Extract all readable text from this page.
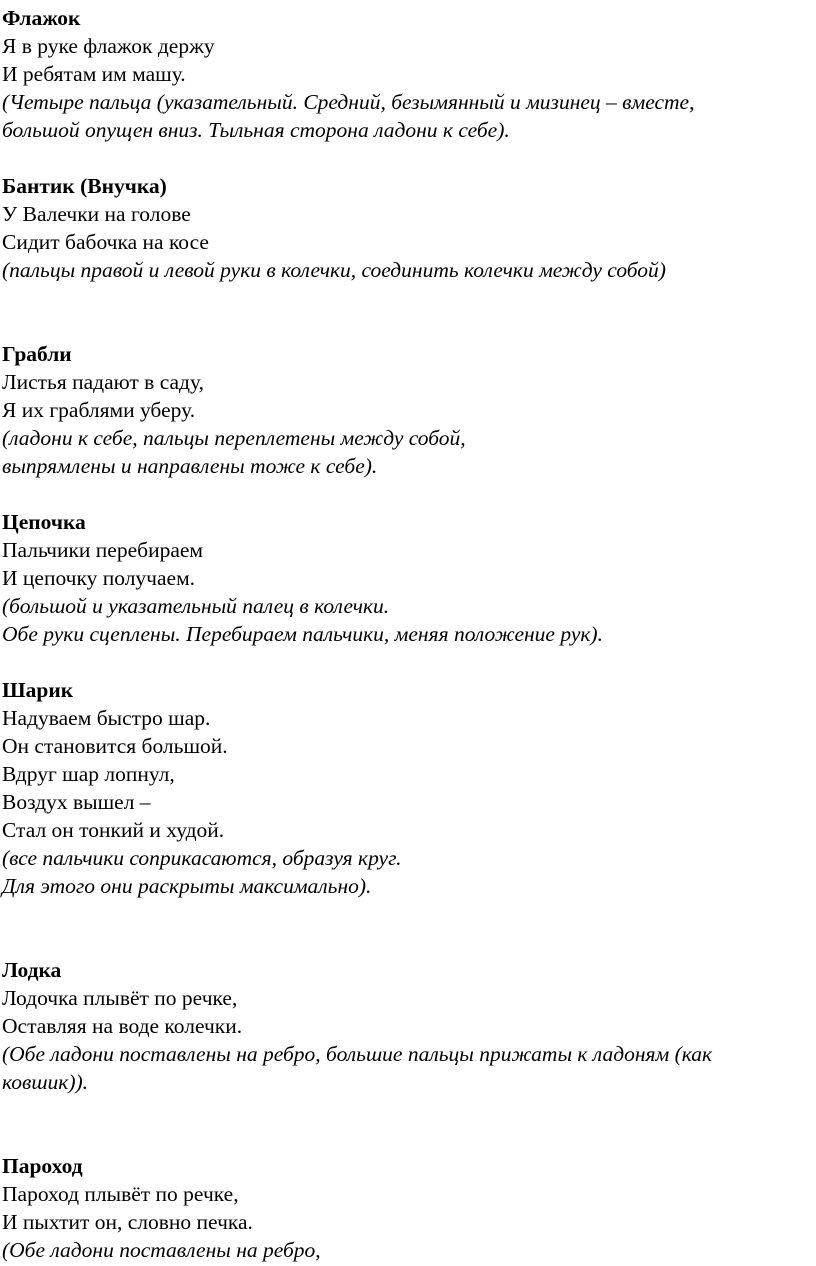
Флажок
Я в руке флажок держу
И ребятам им машу.
(Четыре пальца (указательный. Средний, безымянный и мизинец – вместе,
большой опущен вниз. Тыльная сторона ладони к себе).
Бантик (Внучка)
У Валечки на голове
Сидит бабочка на косе
(пальцы правой и левой руки в колечки, соединить колечки между собой)
Грабли
Листья падают в саду,
Я их граблями уберу.
(ладони к себе, пальцы переплетены между собой,
выпрямлены и направлены тоже к себе).
Цепочка
Пальчики перебираем
И цепочку получаем.
(большой и указательный палец в колечки.
Обе руки сцеплены. Перебираем пальчики, меняя положение рук).
Шарик
Надуваем быстро шар.
Он становится большой.
Вдруг шар лопнул,
Воздух вышел –
Стал он тонкий и худой.
(все пальчики соприкасаются, образуя круг.
Для этого они раскрыты максимально).
Лодка
Лодочка плывёт по речке,
Оставляя на воде колечки.
(Обе ладони поставлены на ребро, большие пальцы прижаты к ладоням (как
ковшик)).
Пароход
Пароход плывёт по речке,
И пыхтит он, словно печка.
(Обе ладони поставлены на ребро,
